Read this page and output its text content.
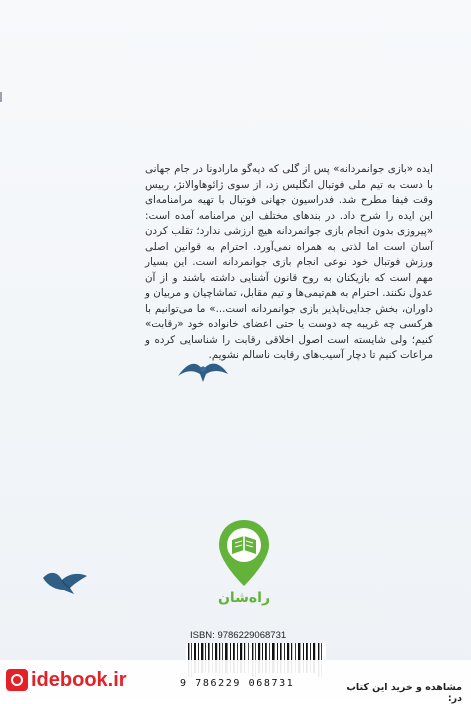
ایده «بازی جوانمردانه» پس از گلی که دیه‌گو مارادونا در جام جهانی با دست به تیم ملی فوتبال انگلیس زد، از سوی ژائوهاوالانژ، رییس وقت فیفا مطرح شد. فدراسیون جهانی فوتبال با تهیه مرامنامه‌ای این ایده را شرح داد. در بندهای مختلف این مرامنامه آمده است: «پیروزی بدون انجام بازی جوانمردانه هیچ ارزشی ندارد؛ تقلب کردن آسان است اما لذتی به همراه نمی‌آورد. احترام به قوانین اصلی ورزش فوتبال خود نوعی انجام بازی جوانمردانه است. این بسیار مهم است که بازیکنان به روح قانون آشنایی داشته باشند و از آن عدول نکنند. احترام به هم‌تیمی‌ها و تیم مقابل، تماشاچیان و مربیان و داوران، بخش جدایی‌ناپذیر بازی جوانمردانه است...» ما می‌توانیم با هرکسی چه غریبه چه دوست یا حتی اعضای خانواده خود «رقابت» کنیم؛ ولی شایسته است اصول اخلاقی رقابت را شناسایی کرده و مراعات کنیم تا دچار آسیب‌های رقابت ناسالم نشویم.

راه‌شان
ISBN: 9786229068731
9 786229 068731
idebook.ir	مشاهده و خرید این کتاب در:
